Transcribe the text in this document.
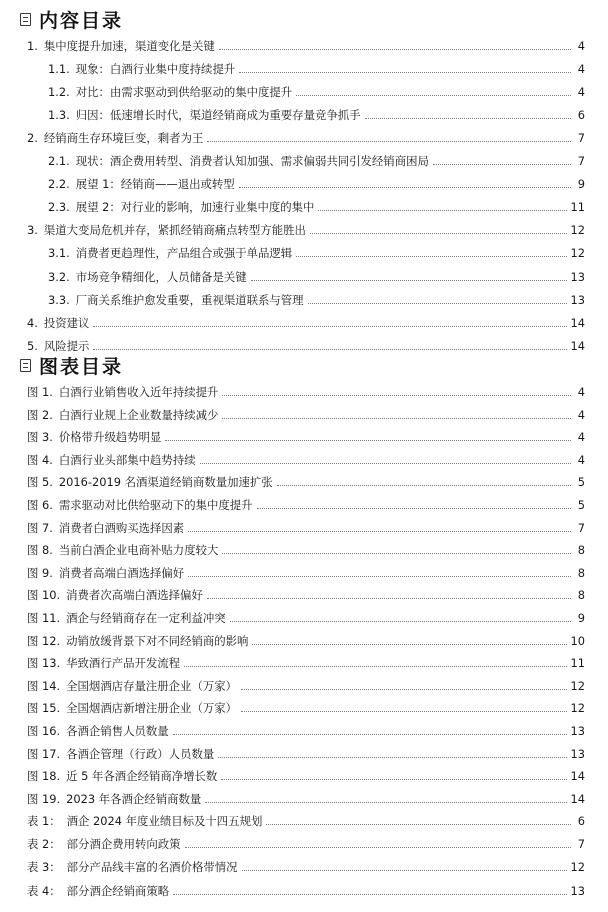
内容目录
图表目录
1. 集中度提升加速，渠道变化是关键	4
1.1. 现象：白酒行业集中度持续提升	4
1.2. 对比：由需求驱动到供给驱动的集中度提升	4
1.3. 归因：低速增长时代，渠道经销商成为重要存量竞争抓手	6
2. 经销商生存环境巨变，剩者为王	7
2.1. 现状：酒企费用转型、消费者认知加强、需求偏弱共同引发经销商困局	7
2.2. 展望 1：经销商——退出或转型	9
2.3. 展望 2：对行业的影响，加速行业集中度的集中	11
3. 渠道大变局危机并存，紧抓经销商痛点转型方能胜出	12
3.1. 消费者更趋理性，产品组合或强于单品逻辑	12
3.2. 市场竞争精细化，人员储备是关键	13
3.3. 厂商关系维护愈发重要，重视渠道联系与管理	13
4. 投资建议	14
5. 风险提示	14
图 1. 白酒行业销售收入近年持续提升	4
图 2. 白酒行业规上企业数量持续减少	4
图 3. 价格带升级趋势明显	4
图 4. 白酒行业头部集中趋势持续	4
图 5. 2016-2019 名酒渠道经销商数量加速扩张	5
图 6. 需求驱动对比供给驱动下的集中度提升	5
图 7. 消费者白酒购买选择因素	7
图 8. 当前白酒企业电商补贴力度较大	8
图 9. 消费者高端白酒选择偏好	8
图 10. 消费者次高端白酒选择偏好	8
图 11. 酒企与经销商存在一定利益冲突	9
图 12. 动销放缓背景下对不同经销商的影响	10
图 13. 华致酒行产品开发流程	11
图 14. 全国烟酒店存量注册企业（万家）	12
图 15. 全国烟酒店新增注册企业（万家）	12
图 16. 各酒企销售人员数量	13
图 17. 各酒企管理（行政）人员数量	13
图 18. 近 5 年各酒企经销商净增长数	14
图 19. 2023 年各酒企经销商数量	14
表 1： 酒企 2024 年度业绩目标及十四五规划	6
表 2： 部分酒企费用转向政策	7
表 3： 部分产品线丰富的名酒价格带情况	12
表 4： 部分酒企经销商策略	13
